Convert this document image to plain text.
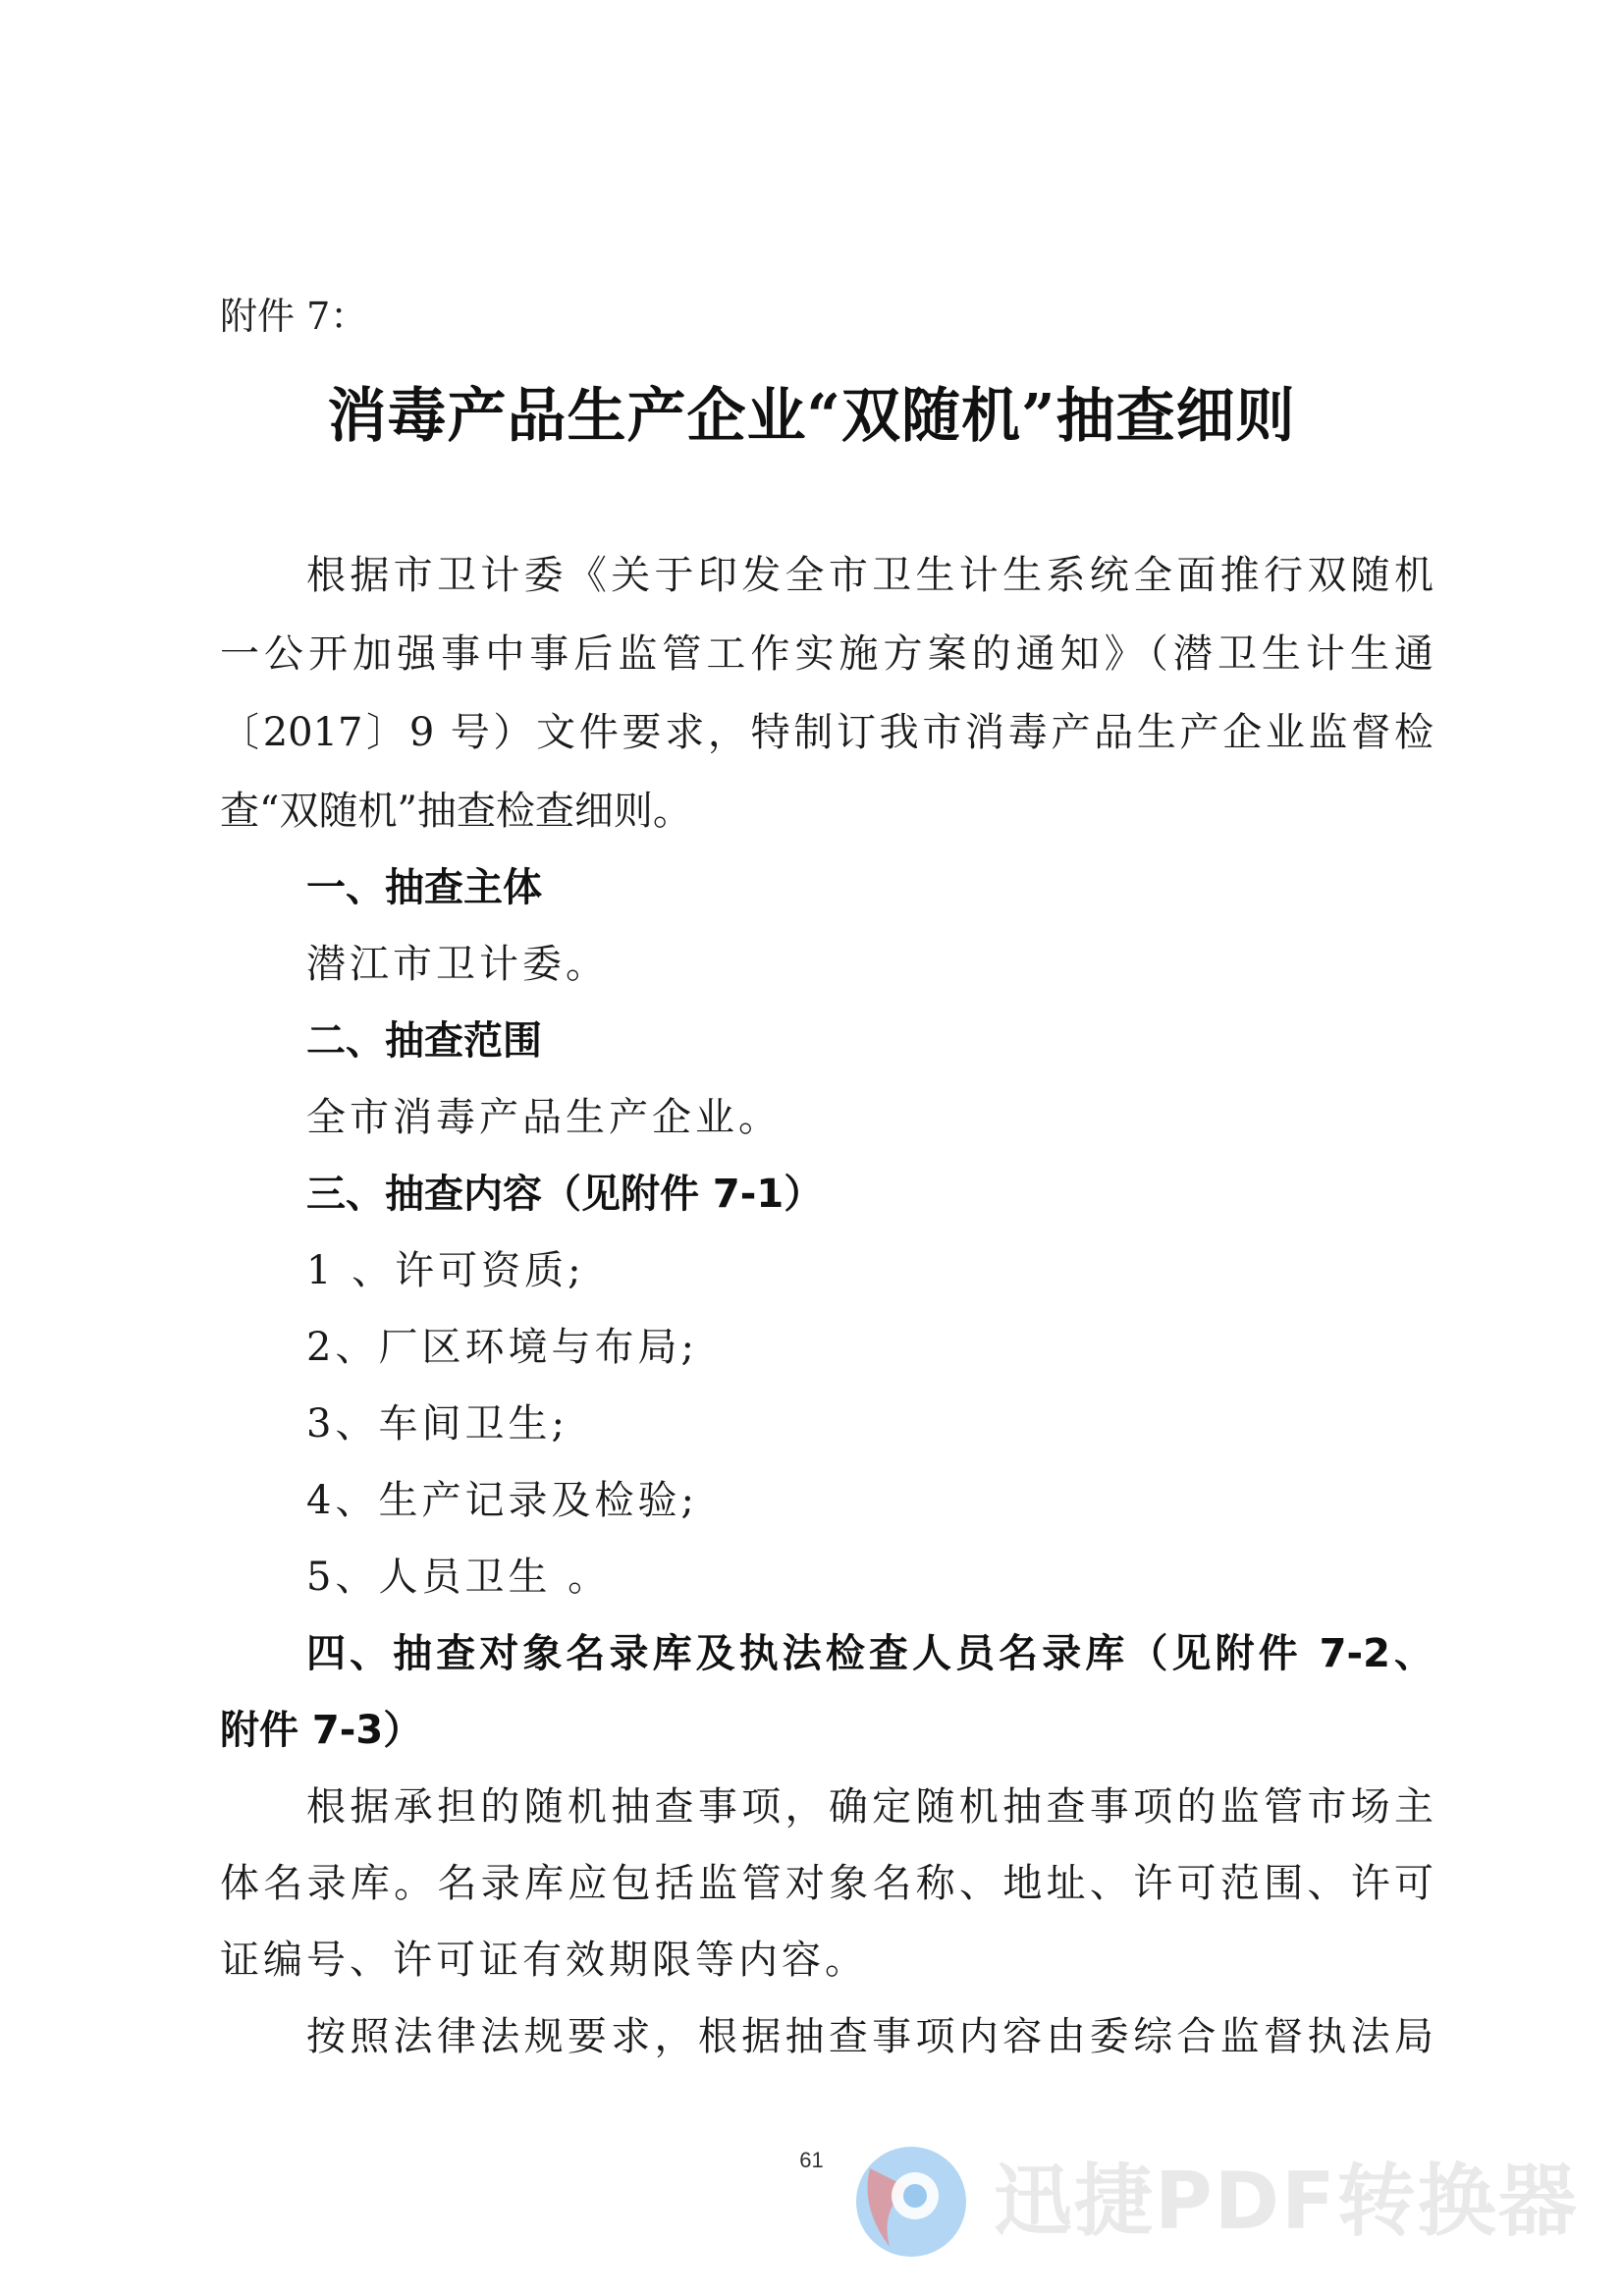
附件 7：
消毒产品生产企业“双随机”抽查细则
根据市卫计委《关于印发全市卫生计生系统全面推行双随机
一公开加强事中事后监管工作实施方案的通知》（潜卫生计生通
〔2017〕9 号）文件要求，特制订我市消毒产品生产企业监督检
查“双随机”抽查检查细则。
一、抽查主体
潜江市卫计委。
二、抽查范围
全市消毒产品生产企业。
三、抽查内容（见附件 7-1）
1 、许可资质;
2、厂区环境与布局;
3、车间卫生;
4、生产记录及检验;
5、人员卫生 。
四、抽查对象名录库及执法检查人员名录库（见附件 7-2、
附件 7-3）
根据承担的随机抽查事项，确定随机抽查事项的监管市场主
体名录库。名录库应包括监管对象名称、地址、许可范围、许可
证编号、许可证有效期限等内容。
按照法律法规要求，根据抽查事项内容由委综合监督执法局
61	迅捷PDF转换器
